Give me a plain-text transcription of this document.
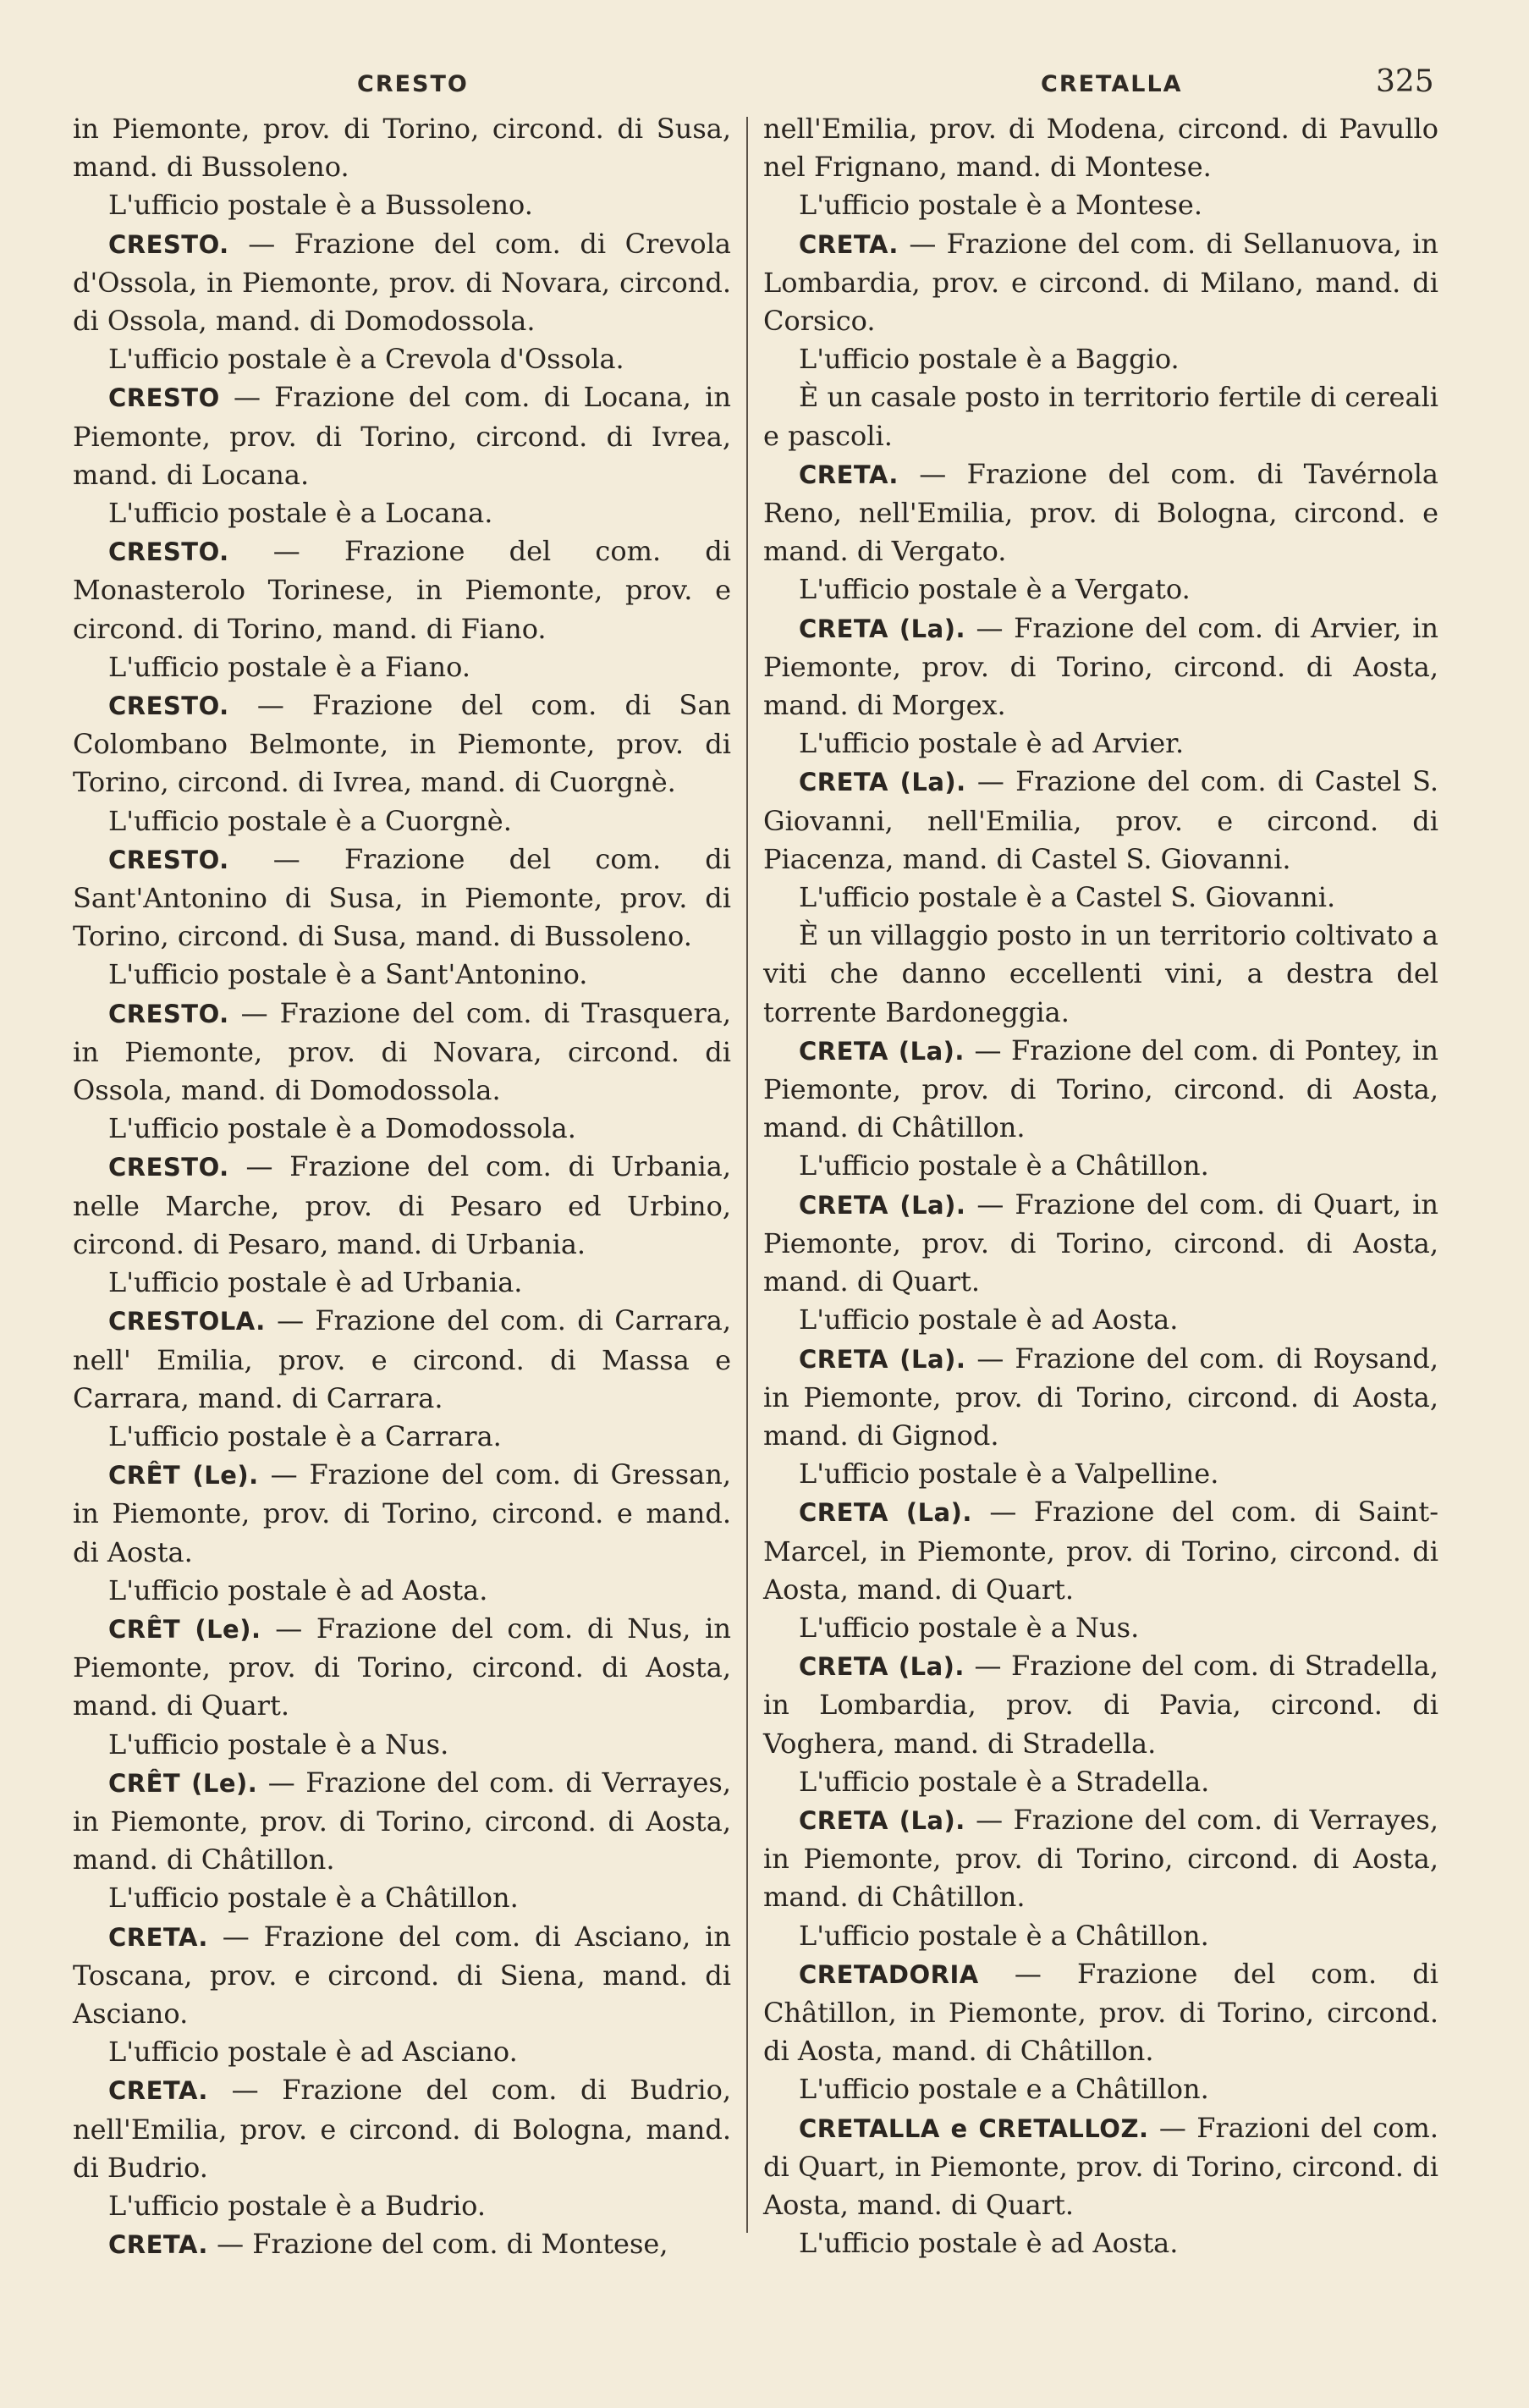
CRESTO	CRETALLA	325

in Piemonte, prov. di Torino, circond. di Susa, mand. di Bussoleno.

L'ufficio postale è a Bussoleno.

CRESTO. — Frazione del com. di Crevola d'Ossola, in Piemonte, prov. di Novara, circond. di Ossola, mand. di Domodossola.

L'ufficio postale è a Crevola d'Ossola.

CRESTO — Frazione del com. di Locana, in Piemonte, prov. di Torino, circond. di Ivrea, mand. di Locana.

L'ufficio postale è a Locana.

CRESTO. — Frazione del com. di Monasterolo Torinese, in Piemonte, prov. e circond. di Torino, mand. di Fiano.

L'ufficio postale è a Fiano.

CRESTO. — Frazione del com. di San Colombano Belmonte, in Piemonte, prov. di Torino, circond. di Ivrea, mand. di Cuorgnè.

L'ufficio postale è a Cuorgnè.

CRESTO. — Frazione del com. di Sant'Antonino di Susa, in Piemonte, prov. di Torino, circond. di Susa, mand. di Bussoleno.

L'ufficio postale è a Sant'Antonino.

CRESTO. — Frazione del com. di Trasquera, in Piemonte, prov. di Novara, circond. di Ossola, mand. di Domodossola.

L'ufficio postale è a Domodossola.

CRESTO. — Frazione del com. di Urbania, nelle Marche, prov. di Pesaro ed Urbino, circond. di Pesaro, mand. di Urbania.

L'ufficio postale è ad Urbania.

CRESTOLA. — Frazione del com. di Carrara, nell' Emilia, prov. e circond. di Massa e Carrara, mand. di Carrara.

L'ufficio postale è a Carrara.

CRÊT (Le). — Frazione del com. di Gressan, in Piemonte, prov. di Torino, circond. e mand. di Aosta.

L'ufficio postale è ad Aosta.

CRÊT (Le). — Frazione del com. di Nus, in Piemonte, prov. di Torino, circond. di Aosta, mand. di Quart.

L'ufficio postale è a Nus.

CRÊT (Le). — Frazione del com. di Verrayes, in Piemonte, prov. di Torino, circond. di Aosta, mand. di Châtillon.

L'ufficio postale è a Châtillon.

CRETA. — Frazione del com. di Asciano, in Toscana, prov. e circond. di Siena, mand. di Asciano.

L'ufficio postale è ad Asciano.

CRETA. — Frazione del com. di Budrio, nell'Emilia, prov. e circond. di Bologna, mand. di Budrio.

L'ufficio postale è a Budrio.

CRETA. — Frazione del com. di Montese,

nell'Emilia, prov. di Modena, circond. di Pavullo nel Frignano, mand. di Montese.

L'ufficio postale è a Montese.

CRETA. — Frazione del com. di Sellanuova, in Lombardia, prov. e circond. di Milano, mand. di Corsico.

L'ufficio postale è a Baggio.

È un casale posto in territorio fertile di cereali e pascoli.

CRETA. — Frazione del com. di Tavérnola Reno, nell'Emilia, prov. di Bologna, circond. e mand. di Vergato.

L'ufficio postale è a Vergato.

CRETA (La). — Frazione del com. di Arvier, in Piemonte, prov. di Torino, circond. di Aosta, mand. di Morgex.

L'ufficio postale è ad Arvier.

CRETA (La). — Frazione del com. di Castel S. Giovanni, nell'Emilia, prov. e circond. di Piacenza, mand. di Castel S. Giovanni.

L'ufficio postale è a Castel S. Giovanni.

È un villaggio posto in un territorio coltivato a viti che danno eccellenti vini, a destra del torrente Bardoneggia.

CRETA (La). — Frazione del com. di Pontey, in Piemonte, prov. di Torino, circond. di Aosta, mand. di Châtillon.

L'ufficio postale è a Châtillon.

CRETA (La). — Frazione del com. di Quart, in Piemonte, prov. di Torino, circond. di Aosta, mand. di Quart.

L'ufficio postale è ad Aosta.

CRETA (La). — Frazione del com. di Roysand, in Piemonte, prov. di Torino, circond. di Aosta, mand. di Gignod.

L'ufficio postale è a Valpelline.

CRETA (La). — Frazione del com. di Saint-Marcel, in Piemonte, prov. di Torino, circond. di Aosta, mand. di Quart.

L'ufficio postale è a Nus.

CRETA (La). — Frazione del com. di Stradella, in Lombardia, prov. di Pavia, circond. di Voghera, mand. di Stradella.

L'ufficio postale è a Stradella.

CRETA (La). — Frazione del com. di Verrayes, in Piemonte, prov. di Torino, circond. di Aosta, mand. di Châtillon.

L'ufficio postale è a Châtillon.

CRETADORIA — Frazione del com. di Châtillon, in Piemonte, prov. di Torino, circond. di Aosta, mand. di Châtillon.

L'ufficio postale e a Châtillon.

CRETALLA e CRETALLOZ. — Frazioni del com. di Quart, in Piemonte, prov. di Torino, circond. di Aosta, mand. di Quart.

L'ufficio postale è ad Aosta.
